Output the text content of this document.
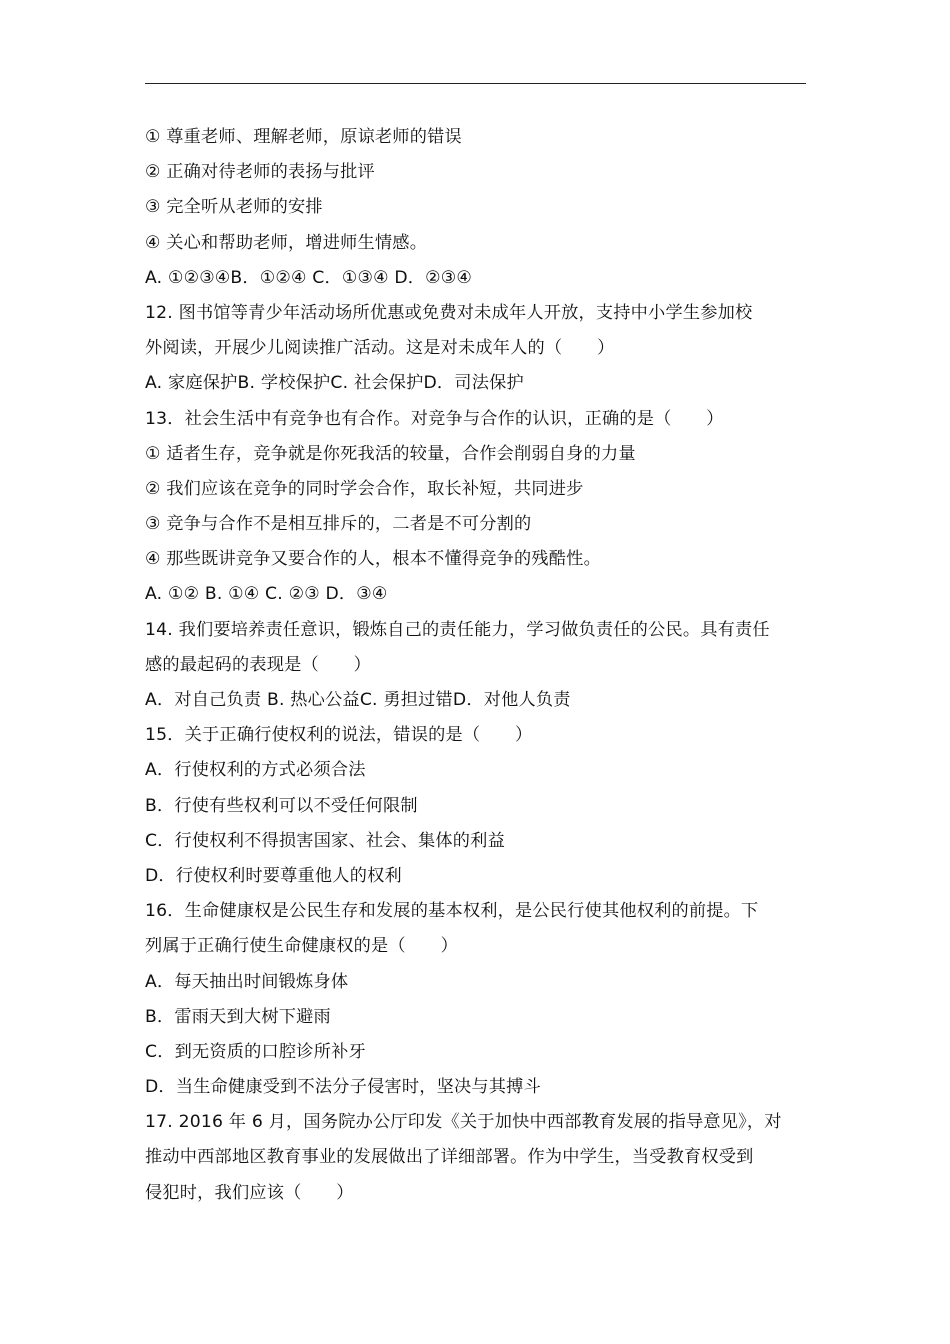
① 尊重老师、理解老师，原谅老师的错误
② 正确对待老师的表扬与批评
③ 完全听从老师的安排
④ 关心和帮助老师，增进师生情感。
A. ①②③④B．①②④ C．①③④ D．②③④
12. 图书馆等青少年活动场所优惠或免费对未成年人开放，支持中小学生参加校
外阅读，开展少儿阅读推广活动。这是对未成年人的（　　）
A. 家庭保护B. 学校保护C. 社会保护D．司法保护
13．社会生活中有竞争也有合作。对竞争与合作的认识，正确的是（　　）
① 适者生存，竞争就是你死我活的较量，合作会削弱自身的力量
② 我们应该在竞争的同时学会合作，取长补短，共同进步
③ 竞争与合作不是相互排斥的，二者是不可分割的
④ 那些既讲竞争又要合作的人，根本不懂得竞争的残酷性。
A. ①② B. ①④ C. ②③ D．③④
14. 我们要培养责任意识，锻炼自己的责任能力，学习做负责任的公民。具有责任
感的最起码的表现是（　　）
A．对自己负责 B. 热心公益C. 勇担过错D．对他人负责
15．关于正确行使权利的说法，错误的是（　　）
A．行使权利的方式必须合法
B．行使有些权利可以不受任何限制
C．行使权利不得损害国家、社会、集体的利益
D．行使权利时要尊重他人的权利
16．生命健康权是公民生存和发展的基本权利，是公民行使其他权利的前提。下
列属于正确行使生命健康权的是（　　）
A．每天抽出时间锻炼身体
B．雷雨天到大树下避雨
C．到无资质的口腔诊所补牙
D．当生命健康受到不法分子侵害时，坚决与其搏斗
17. 2016 年 6 月，国务院办公厅印发《关于加快中西部教育发展的指导意见》，对
推动中西部地区教育事业的发展做出了详细部署。作为中学生，当受教育权受到
侵犯时，我们应该（　　）
